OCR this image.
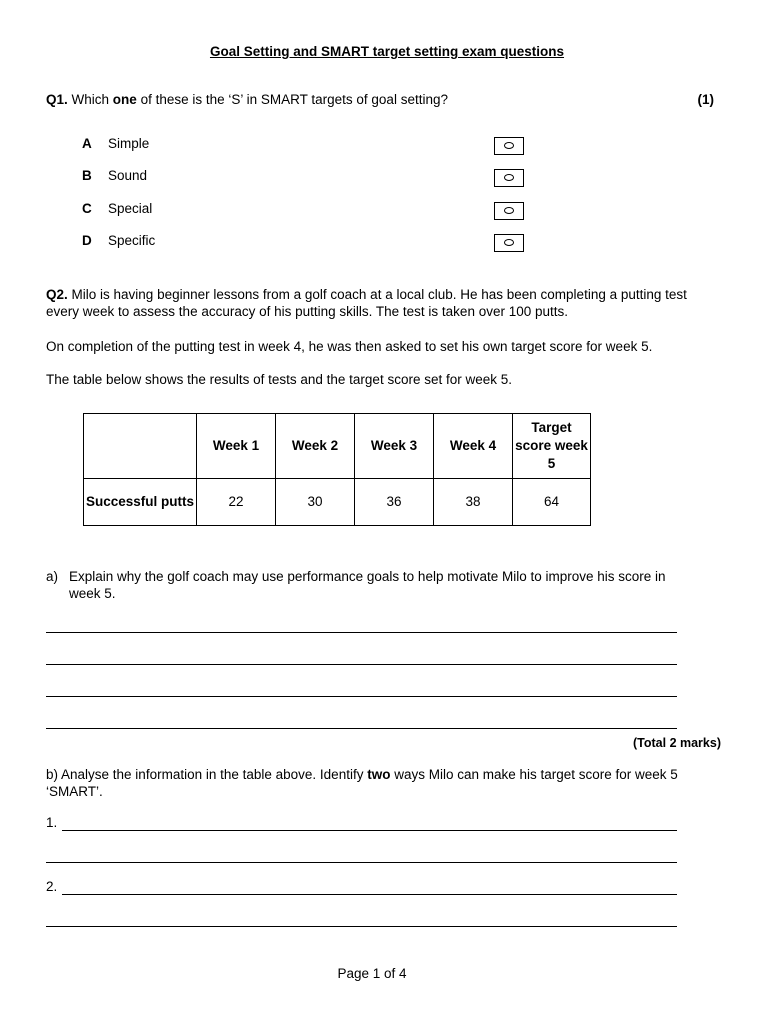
Goal Setting and SMART target setting exam questions
Q1. Which one of these is the ‘S’ in SMART targets of goal setting?	(1)
A Simple
B Sound
C Special
D Specific
Q2. Milo is having beginner lessons from a golf coach at a local club. He has been completing a putting test every week to assess the accuracy of his putting skills. The test is taken over 100 putts.
On completion of the putting test in week 4, he was then asked to set his own target score for week 5.
The table below shows the results of tests and the target score set for week 5.
	Week 1	Week 2	Week 3	Week 4	Target score week 5
Successful putts	22	30	36	38	64
a) Explain why the golf coach may use performance goals to help motivate Milo to improve his score in week 5.
(Total 2 marks)
b) Analyse the information in the table above. Identify two ways Milo can make his target score for week 5 ‘SMART’.
1.
2.
Page 1 of 4
